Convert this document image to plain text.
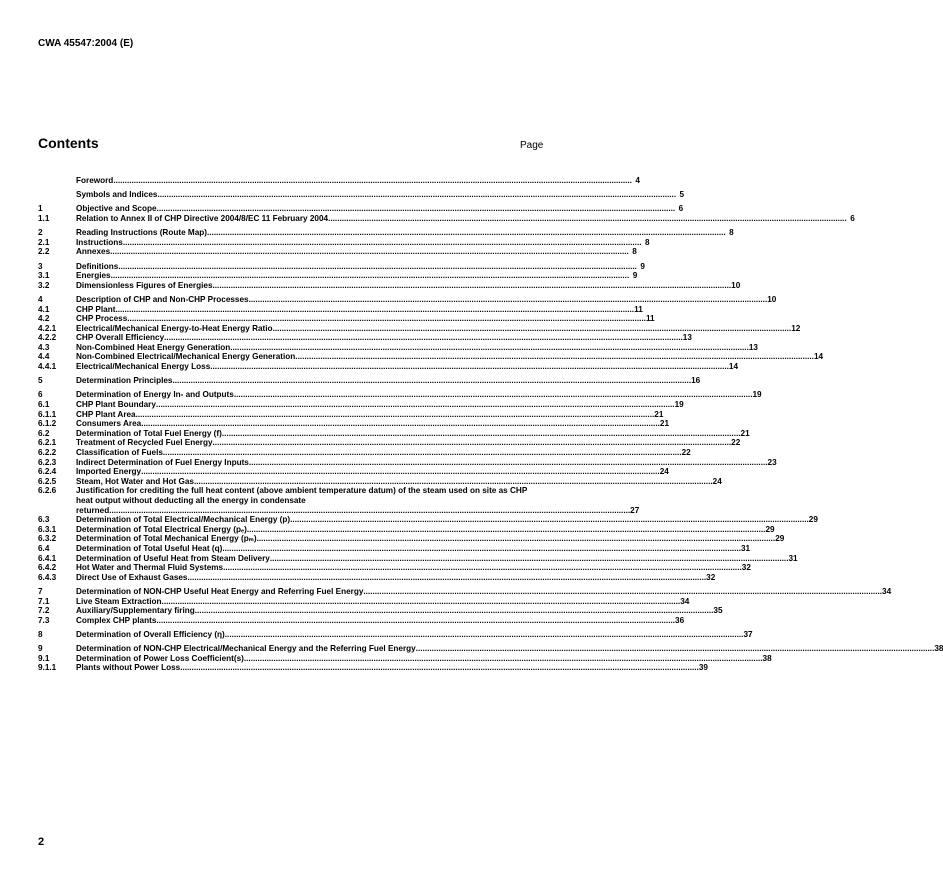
CWA 45547:2004 (E)
Contents	Page
Foreword .....	4
Symbols and Indices .....	5
1	Objective and Scope .....	6
1.1	Relation to Annex II of CHP Directive 2004/8/EC 11 February 2004 .....	6
2	Reading Instructions (Route Map) .....	8
2.1	Instructions .....	8
2.2	Annexes .....	8
3	Definitions .....	9
3.1	Energies .....	9
3.2	Dimensionless Figures of Energies .....	10
4	Description of CHP and Non-CHP Processes .....	10
4.1	CHP Plant .....	11
4.2	CHP Process .....	11
4.2.1	Electrical/Mechanical Energy-to-Heat Energy Ratio .....	12
4.2.2	CHP Overall Efficiency .....	13
4.3	Non-Combined Heat Energy Generation .....	13
4.4	Non-Combined Electrical/Mechanical Energy Generation .....	14
4.4.1	Electrical/Mechanical Energy Loss .....	14
5	Determination Principles .....	16
6	Determination of Energy In- and Outputs .....	19
6.1	CHP Plant Boundary .....	19
6.1.1	CHP Plant Area .....	21
6.1.2	Consumers Area .....	21
6.2	Determination of Total Fuel Energy (f) .....	21
6.2.1	Treatment of Recycled Fuel Energy .....	22
6.2.2	Classification of Fuels .....	22
6.2.3	Indirect Determination of Fuel Energy Inputs .....	23
6.2.4	Imported Energy .....	24
6.2.5	Steam, Hot Water and Hot Gas .....	24
6.2.6	Justification for crediting the full heat content (above ambient temperature datum) of the steam used on site as CHP heat output without deducting all the energy in condensate
returned. .....	27
6.3	Determination of Total Electrical/Mechanical Energy (p) .....	29
6.3.1	Determination of Total Electrical Energy (pₑ) .....	29
6.3.2	Determination of Total Mechanical Energy (pₘ) .....	29
6.4	Determination of Total Useful Heat (q) .....	31
6.4.1	Determination of Useful Heat from Steam Delivery .....	31
6.4.2	Hot Water and Thermal Fluid Systems .....	32
6.4.3	Direct Use of Exhaust Gases .....	32
7	Determination of NON-CHP Useful Heat Energy and Referring Fuel Energy .....	34
7.1	Live Steam Extraction .....	34
7.2	Auxiliary/Supplementary firing .....	35
7.3	Complex CHP plants .....	36
8	Determination of Overall Efficiency (η) .....	37
9	Determination of NON-CHP Electrical/Mechanical Energy and the Referring Fuel Energy .....	38
9.1	Determination of Power Loss Coefficient(s) .....	38
9.1.1	Plants without Power Loss .....	39
2
